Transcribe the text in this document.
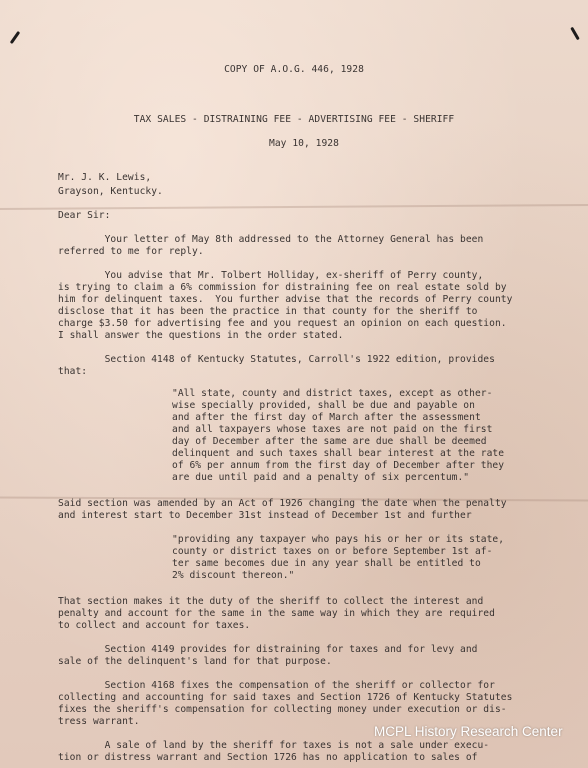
COPY OF A.O.G. 446, 1928
TAX SALES - DISTRAINING FEE - ADVERTISING FEE - SHERIFF
May 10, 1928
Mr. J. K. Lewis,
Grayson, Kentucky.
Dear Sir:
Your letter of May 8th addressed to the Attorney General has been
referred to me for reply.
You advise that Mr. Tolbert Holliday, ex-sheriff of Perry county,
is trying to claim a 6% commission for distraining fee on real estate sold by
him for delinquent taxes.  You further advise that the records of Perry county
disclose that it has been the practice in that county for the sheriff to
charge $3.50 for advertising fee and you request an opinion on each question.
I shall answer the questions in the order stated.
Section 4148 of Kentucky Statutes, Carroll's 1922 edition, provides
that:
"All state, county and district taxes, except as other-
wise specially provided, shall be due and payable on
and after the first day of March after the assessment
and all taxpayers whose taxes are not paid on the first
day of December after the same are due shall be deemed
delinquent and such taxes shall bear interest at the rate
of 6% per annum from the first day of December after they
are due until paid and a penalty of six percentum."
Said section was amended by an Act of 1926 changing the date when the penalty
and interest start to December 31st instead of December 1st and further
"providing any taxpayer who pays his or her or its state,
county or district taxes on or before September 1st af-
ter same becomes due in any year shall be entitled to
2% discount thereon."
That section makes it the duty of the sheriff to collect the interest and
penalty and account for the same in the same way in which they are required
to collect and account for taxes.
Section 4149 provides for distraining for taxes and for levy and
sale of the delinquent's land for that purpose.
Section 4168 fixes the compensation of the sheriff or collector for
collecting and accounting for said taxes and Section 1726 of Kentucky Statutes
fixes the sheriff's compensation for collecting money under execution or dis-
tress warrant.
A sale of land by the sheriff for taxes is not a sale under execu-
tion or distress warrant and Section 1726 has no application to sales of
MCPL History Research Center
